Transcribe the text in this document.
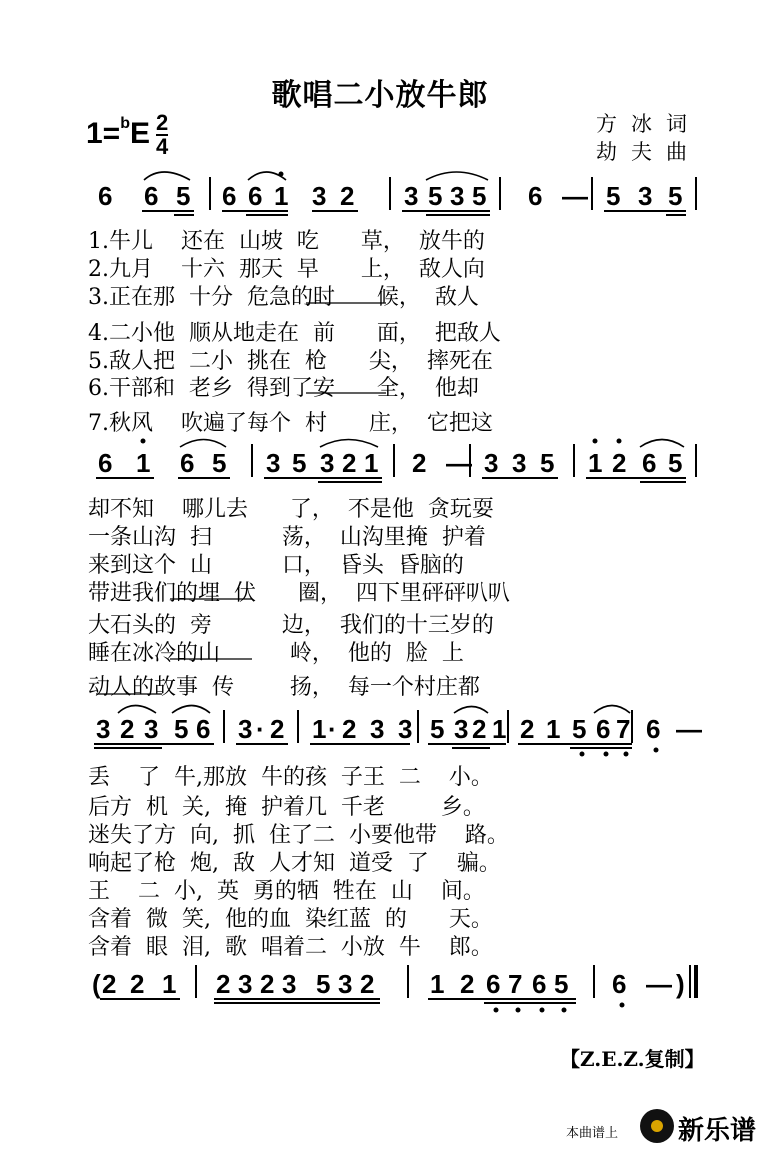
歌唱二小放牛郎
$1=^bE \frac{2}{4}$	方冰词
劫夫曲
6 6 5 6 6 1 3 2 3 5 3 5 6 — 5 3 5
6 1 6 5 3 5 3 2 1 2 — 3 3 5 1 2 6 5
3 2 3 5 6 3 · 2 1 · 2 3 3 5 3 2 1 2 1 5 6 7 6 —
( 2 2 1 2 3 2 3 5 3 2 1 2 6 7 6 5 6 — )
1.牛儿    还在  山坡  吃      草，  放牛的
2.九月    十六  那天  早      上，  敌人向
3.正在那  十分  危急的时      候，  敌人
4.二小他  顺从地走在  前      面，  把敌人
5.敌人把  二小  挑在  枪      尖，  摔死在
6.干部和  老乡  得到了安      全，  他却
7.秋风    吹遍了每个  村      庄，  它把这
却不知    哪儿去      了，  不是他  贪玩耍
一条山沟  扫          荡，  山沟里掩  护着
来到这个  山          口，  昏头  昏脑的
带进我们的埋  伏      圈，  四下里砰砰叭叭
大石头的  旁          边，  我们的十三岁的
睡在冰冷的山          岭，  他的  脸  上
动人的故事  传        扬，  每一个村庄都
丢    了  牛,那放  牛的孩  子王  二    小。
后方  机  关,  掩  护着几  千老        乡。
迷失了方  向,  抓  住了二  小要他带    路。
响起了枪  炮,  敌  人才知  道受  了    骗。
王    二  小,  英  勇的牺  牲在  山    间。
含着  微  笑,  他的血  染红蓝  的      天。
含着  眼  泪,  歌  唱着二  小放  牛    郎。
【Z.E.Z.复制】
本曲谱上 新乐谱
